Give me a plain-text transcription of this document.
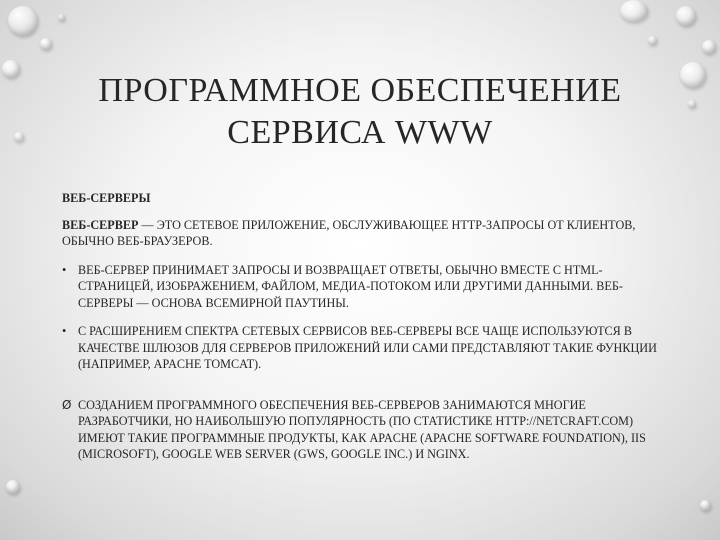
ПРОГРАММНОЕ ОБЕСПЕЧЕНИЕ
СЕРВИСА WWW
ВЕБ-СЕРВЕРЫ
ВЕБ-СЕРВЕР — ЭТО СЕТЕВОЕ ПРИЛОЖЕНИЕ, ОБСЛУЖИВАЮЩЕЕ HTTP-ЗАПРОСЫ ОТ КЛИЕНТОВ, ОБЫЧНО ВЕБ-БРАУЗЕРОВ.
• ВЕБ-СЕРВЕР ПРИНИМАЕТ ЗАПРОСЫ И ВОЗВРАЩАЕТ ОТВЕТЫ, ОБЫЧНО ВМЕСТЕ С HTML-СТРАНИЦЕЙ, ИЗОБРАЖЕНИЕМ, ФАЙЛОМ, МЕДИА-ПОТОКОМ ИЛИ ДРУГИМИ ДАННЫМИ. ВЕБ-СЕРВЕРЫ — ОСНОВА ВСЕМИРНОЙ ПАУТИНЫ.
• С РАСШИРЕНИЕМ СПЕКТРА СЕТЕВЫХ СЕРВИСОВ ВЕБ-СЕРВЕРЫ ВСЕ ЧАЩЕ ИСПОЛЬЗУЮТСЯ В КАЧЕСТВЕ ШЛЮЗОВ ДЛЯ СЕРВЕРОВ ПРИЛОЖЕНИЙ ИЛИ САМИ ПРЕДСТАВЛЯЮТ ТАКИЕ ФУНКЦИИ (НАПРИМЕР, APACHE TOMCAT).
Ø СОЗДАНИЕМ ПРОГРАММНОГО ОБЕСПЕЧЕНИЯ ВЕБ-СЕРВЕРОВ ЗАНИМАЮТСЯ МНОГИЕ РАЗРАБОТЧИКИ, НО НАИБОЛЬШУЮ ПОПУЛЯРНОСТЬ (ПО СТАТИСТИКЕ HTTP://NETCRAFT.COM) ИМЕЮТ ТАКИЕ ПРОГРАММНЫЕ ПРОДУКТЫ, КАК APACHE (APACHE SOFTWARE FOUNDATION), IIS (MICROSOFT), GOOGLE WEB SERVER (GWS, GOOGLE INC.) И NGINX.
